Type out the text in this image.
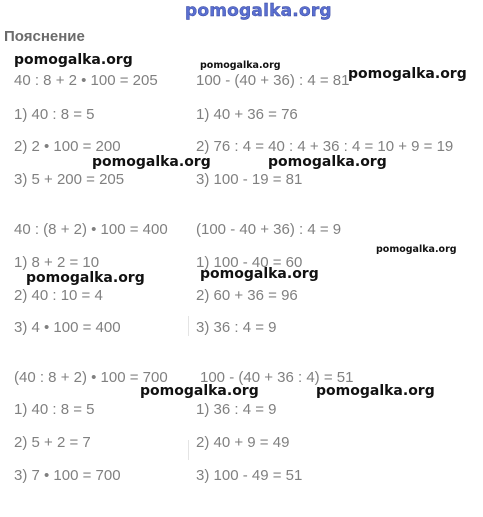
pomogalka.org
Пояснение
40 : 8 + 2 • 100 = 205
1) 40 : 8 = 5
2) 2 • 100 = 200
3) 5 + 200 = 205
40 : (8 + 2) • 100 = 400
1) 8 + 2 = 10
2) 40 : 10 = 4
3) 4 • 100 = 400
(40 : 8 + 2) • 100 = 700
1) 40 : 8 = 5
2) 5 + 2 = 7
3) 7 • 100 = 700
100 - (40 + 36) : 4 = 81
1) 40 + 36 = 76
2) 76 : 4 = 40 : 4 + 36 : 4 = 10 + 9 = 19
3) 100 - 19 = 81
(100 - 40 + 36) : 4 = 9
1) 100 - 40 = 60
2) 60 + 36 = 96
3) 36 : 4 = 9
100 - (40 + 36 : 4) = 51
1) 36 : 4 = 9
2) 40 + 9 = 49
3) 100 - 49 = 51
pomogalka.org	pomogalka.org
pomogalka.org
pomogalka.org	pomogalka.org
pomogalka.org
pomogalka.org
pomogalka.org
pomogalka.org	pomogalka.org
